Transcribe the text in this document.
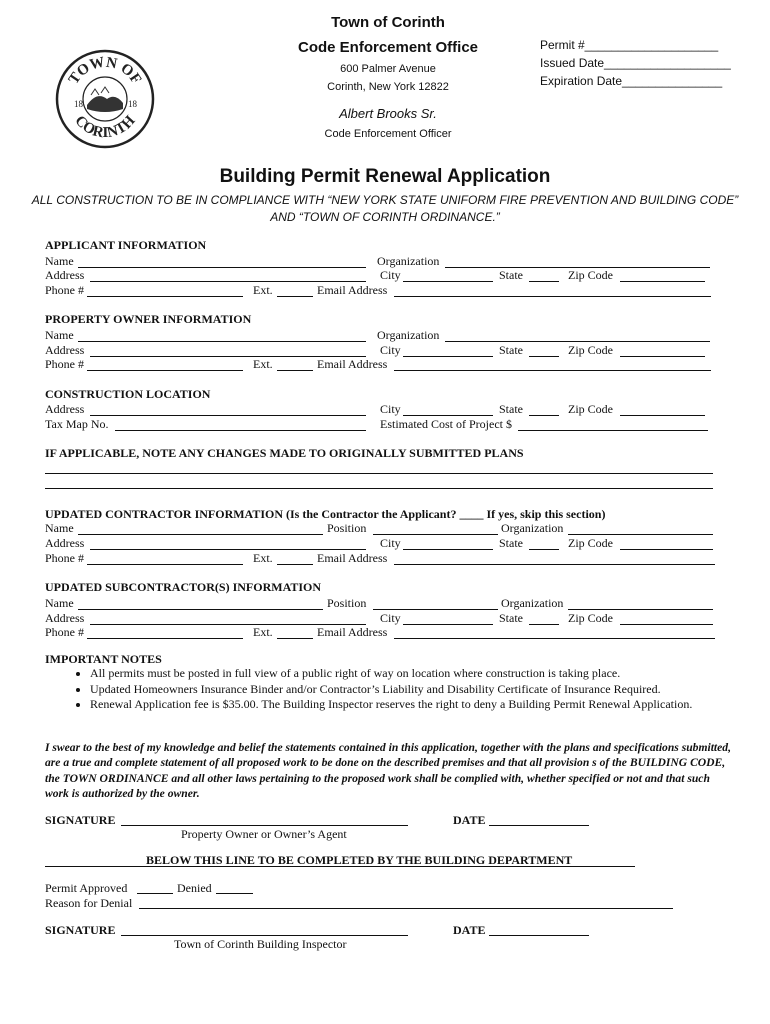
TOWN OF
CORINTH
18	18
Town of Corinth
Code Enforcement Office
600 Palmer Avenue
Corinth, New York 12822
Albert Brooks Sr.
Code Enforcement Officer
Permit #____________________
Issued Date___________________
Expiration Date_______________
Building Permit Renewal Application
ALL CONSTRUCTION TO BE IN COMPLIANCE WITH “NEW YORK STATE UNIFORM FIRE PREVENTION AND BUILDING CODE”
AND “TOWN OF CORINTH ORDINANCE.”
APPLICANT INFORMATION
Name	Organization
Address	City	State	Zip Code
Phone #	Ext.	Email Address
PROPERTY OWNER INFORMATION
Name	Organization
Address	City	State	Zip Code
Phone #	Ext.	Email Address
CONSTRUCTION LOCATION
Address	City	State	Zip Code
Tax Map No.	Estimated Cost of Project $
IF APPLICABLE, NOTE ANY CHANGES MADE TO ORIGINALLY SUBMITTED PLANS
UPDATED CONTRACTOR INFORMATION (Is the Contractor the Applicant? ____ If yes, skip this section)
Name	Position	Organization
Address	City	State	Zip Code
Phone #	Ext.	Email Address
UPDATED SUBCONTRACTOR(S) INFORMATION
Name	Position	Organization
Address	City	State	Zip Code
Phone #	Ext.	Email Address
IMPORTANT NOTES
• All permits must be posted in full view of a public right of way on location where construction is taking place.
• Updated Homeowners Insurance Binder and/or Contractor’s Liability and Disability Certificate of Insurance Required.
• Renewal Application fee is $35.00. The Building Inspector reserves the right to deny a Building Permit Renewal Application.
I swear to the best of my knowledge and belief the statements contained in this application, together with the plans and specifications submitted, are a true and complete statement of all proposed work to be done on the described premises and that all provision s of the BUILDING CODE, the TOWN ORDINANCE and all other laws pertaining to the proposed work shall be complied with, whether specified or not and that such work is authorized by the owner.
SIGNATURE	DATE
Property Owner or Owner’s Agent
BELOW THIS LINE TO BE COMPLETED BY THE BUILDING DEPARTMENT
Permit Approved	Denied
Reason for Denial
SIGNATURE	DATE
Town of Corinth Building Inspector
